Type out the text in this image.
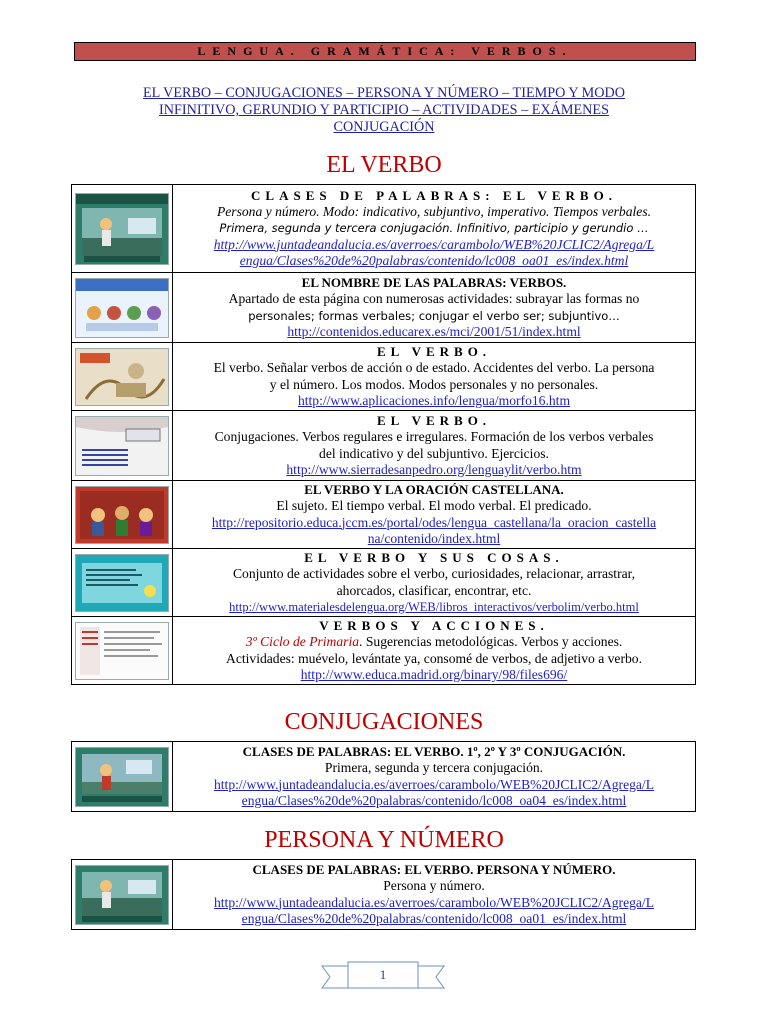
LENGUA. GRAMÁTICA: VERBOS.
EL VERBO – CONJUGACIONES – PERSONA Y NÚMERO – TIEMPO Y MODO
INFINITIVO, GERUNDIO Y PARTICIPIO – ACTIVIDADES – EXÁMENES
CONJUGACIÓN
EL VERBO

CLASES DE PALABRAS: EL VERBO.
Persona y número. Modo: indicativo, subjuntivo, imperativo. Tiempos verbales.
Primera, segunda y tercera conjugación. Infinitivo, participio y gerundio …
http://www.juntadeandalucia.es/averroes/carambolo/WEB%20JCLIC2/Agrega/L
engua/Clases%20de%20palabras/contenido/lc008_oa01_es/index.html

EL NOMBRE DE LAS PALABRAS: VERBOS.
Apartado de esta página con numerosas actividades: subrayar las formas no
personales; formas verbales; conjugar el verbo ser; subjuntivo…
http://contenidos.educarex.es/mci/2001/51/index.html

EL VERBO.
El verbo. Señalar verbos de acción o de estado. Accidentes del verbo. La persona
y el número. Los modos. Modos personales y no personales.
http://www.aplicaciones.info/lengua/morfo16.htm

EL VERBO.
Conjugaciones. Verbos regulares e irregulares. Formación de los verbos verbales
del indicativo y del subjuntivo. Ejercicios.
http://www.sierradesanpedro.org/lenguaylit/verbo.htm

EL VERBO Y LA ORACIÓN CASTELLANA.
El sujeto. El tiempo verbal. El modo verbal. El predicado.
http://repositorio.educa.jccm.es/portal/odes/lengua_castellana/la_oracion_castella
na/contenido/index.html

EL VERBO Y SUS COSAS.
Conjunto de actividades sobre el verbo, curiosidades, relacionar, arrastrar,
ahorcados, clasificar, encontrar, etc.
http://www.materialesdelengua.org/WEB/libros_interactivos/verbolim/verbo.html

VERBOS Y ACCIONES.
3º Ciclo de Primaria. Sugerencias metodológicas. Verbos y acciones.
Actividades: muévelo, levántate ya, consomé de verbos, de adjetivo a verbo.
http://www.educa.madrid.org/binary/98/files696/
CONJUGACIONES

CLASES DE PALABRAS: EL VERBO. 1º, 2º Y 3º CONJUGACIÓN.
Primera, segunda y tercera conjugación.
http://www.juntadeandalucia.es/averroes/carambolo/WEB%20JCLIC2/Agrega/L
engua/Clases%20de%20palabras/contenido/lc008_oa04_es/index.html
PERSONA Y NÚMERO

CLASES DE PALABRAS: EL VERBO. PERSONA Y NÚMERO.
Persona y número.
http://www.juntadeandalucia.es/averroes/carambolo/WEB%20JCLIC2/Agrega/L
engua/Clases%20de%20palabras/contenido/lc008_oa01_es/index.html
1
